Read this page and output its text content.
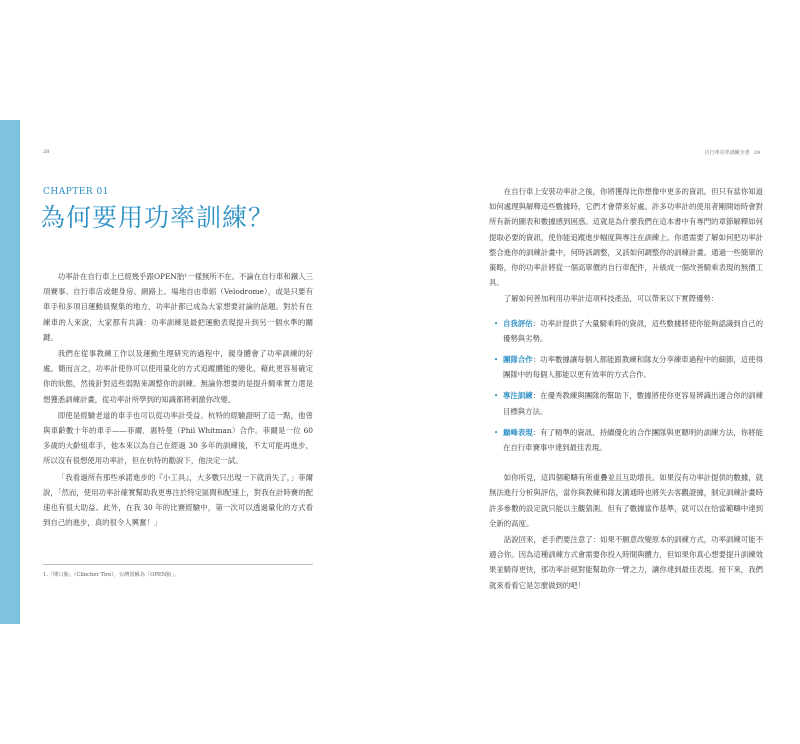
28	自行車功率訓練全書 29
CHAPTER 01
為何要用功率訓練？

功率計在自行車上已經幾乎跟OPEN胎¹一樣無所不在。不論在自行車和鐵人三項賽事、自行車店或健身房、網路上、場地自由車館（Velodrome），或是只要有車手和多項目運動員聚集的地方，功率計都已成為大家想要討論的話題。對於有在練車的人來說，大家都有共識：功率訓練是最把運動表現提升到另一個水準的關鍵。

我們在從事教練工作以及運動生理研究的過程中，親身體會了功率訓練的好處。簡而言之，功率計使你可以使用量化的方式追蹤體能的變化，藉此更容易確定你的狀態，然後針對這些弱點來調整你的訓練。無論你想要的是提升騎乘實力還是想獲悉訓練計畫，從功率計所學到的知識都將刺激你改變。

即使是經驗老道的車手也可以從功率計受益。杭特的經驗證明了這一點，他曾與車齡數十年的車手——菲爾．惠特曼（Phil Whitman）合作。菲爾是一位 60 多歲的大齡組車手，他本來以為自己在經過 30 多年的訓練後，不太可能再進步，所以沒有很想使用功率計，但在杭特的勸說下，他決定一試。

「我看過所有那些承諾進步的『小工具』，大多數只出現一下就消失了，」菲爾說，「然而，使用功率計確實幫助我更專注於特定區間和配速上，對我在計時賽的配速也有很大助益。此外，在我 30 年的比賽經驗中，第一次可以透過量化的方式看到自己的進步，真的很令人興奮！」

1.「開口胎」（Clincher Tire），台灣常稱為「OPEN胎」。

在自行車上安裝功率計之後，你將獲得比你想像中更多的資訊。但只有當你知道如何處理與解釋這些數據時，它們才會帶來好處。許多功率計的使用者剛開始時會對所有新的圖表和數據感到困惑。這就是為什麼我們在這本書中有專門的章節解釋如何提取必要的資訊，使你能追蹤進步幅度與專注在訓練上。你還需要了解如何把功率計整合進你的訓練計畫中，何時該調整，又該如何調整你的訓練計畫。通過一些簡單的策略，你的功率計將從一個高單價的自行車配件，升級成一個改善騎乘表現的無價工具。

了解如何善加利用功率計這項科技產品，可以帶來以下實際優勢：

• 自我評估：功率計提供了大量騎乘時的資訊，這些數據將使你能夠認識到自己的優勢與劣勢。
• 團隊合作：功率數據讓每個人都能跟教練和隊友分享練車過程中的細節，這使得團隊中的每個人都能以更有效率的方式合作。
• 專注訓練：在優秀教練與團隊的幫助下，數據將使你更容易辨識出適合你的訓練目標與方法。
• 巔峰表現：有了精準的資訊、持續優化的合作團隊與更聰明的訓練方法，你將能在自行車賽事中達到最佳表現。

如你所見，這四個範疇有所重疊並且互助增長。如果沒有功率計提供的數據，就無法進行分析與評估，當你與教練和隊友溝通時也將失去客觀證據，制定訓練計畫時許多參數的設定就只能以主觀猜測。但有了數據當作基準，就可以在恰當範疇中達到全新的高度。

話說回來，老手們要注意了：如果不願意改變原本的訓練方式，功率訓練可能不適合你。因為這種訓練方式會需要你投入時間與體力，但如果你真心想要提升訓練效果並騎得更快，那功率計絕對能幫助你一臂之力，讓你達到最佳表現。接下來，我們就來看看它是怎麼做到的吧！
